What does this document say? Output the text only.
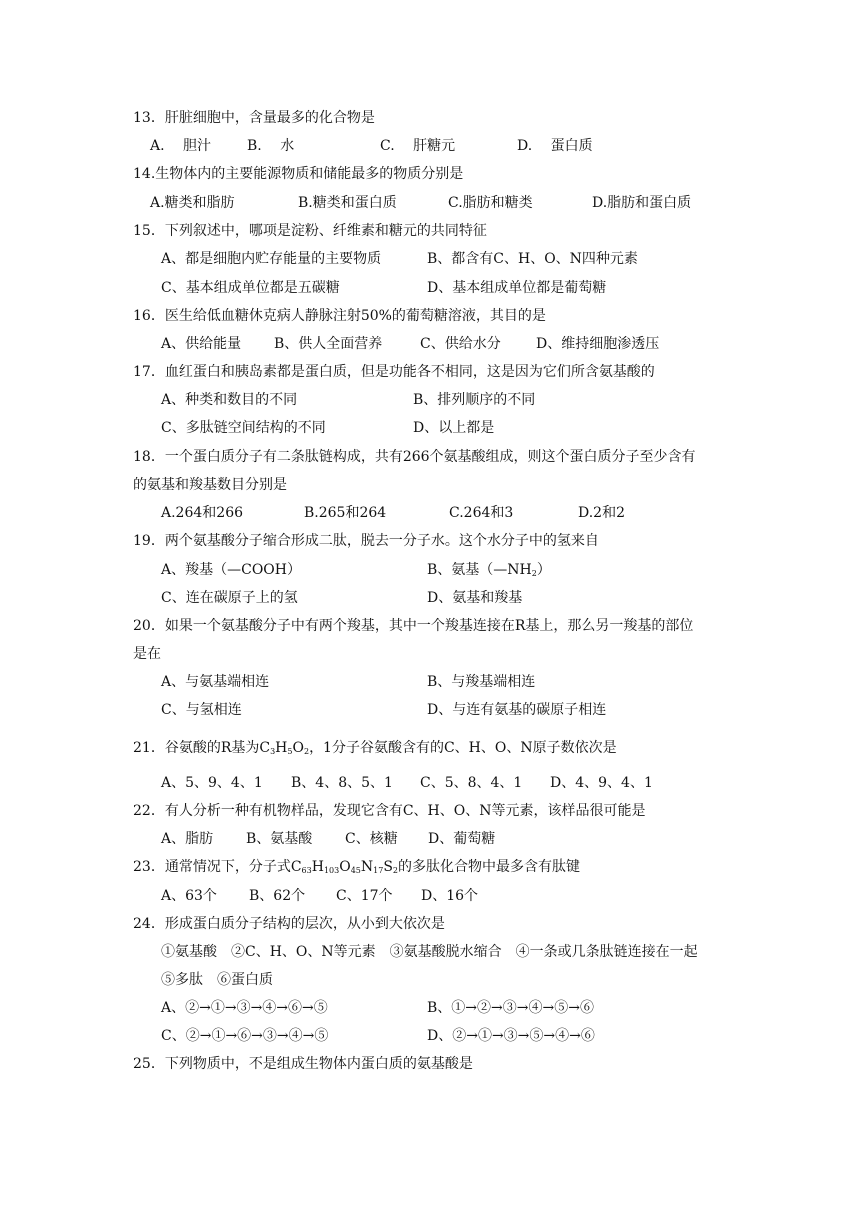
13．肝脏细胞中，含量最多的化合物是
A.　 胆汁	B.　 水	C.　 肝糖元	D.　 蛋白质
14.生物体内的主要能源物质和储能最多的物质分别是
A.糖类和脂肪	B.糖类和蛋白质	C.脂肪和糖类	D.脂肪和蛋白质
15．下列叙述中，哪项是淀粉、纤维素和糖元的共同特征
A、都是细胞内贮存能量的主要物质	B、都含有C、H、O、N四种元素
C、基本组成单位都是五碳糖	D、基本组成单位都是葡萄糖
16．医生给低血糖休克病人静脉注射50%的葡萄糖溶液，其目的是
A、供给能量 B、供人全面营养	C、供给水分	D、维持细胞渗透压
17．血红蛋白和胰岛素都是蛋白质，但是功能各不相同，这是因为它们所含氨基酸的
A、种类和数目的不同	B、排列顺序的不同
C、多肽链空间结构的不同	D、以上都是
18．一个蛋白质分子有二条肽链构成，共有266个氨基酸组成，则这个蛋白质分子至少含有
的氨基和羧基数目分别是
A.264和266	B.265和264	C.264和3	D.2和2
19．两个氨基酸分子缩合形成二肽，脱去一分子水。这个水分子中的氢来自
A、羧基（—COOH）	B、氨基$(—NH_2)$
C、连在碳原子上的氢	D、氨基和羧基
20．如果一个氨基酸分子中有两个羧基，其中一个羧基连接在R基上，那么另一羧基的部位
是在
A、与氨基端相连	B、与羧基端相连
C、与氢相连	D、与连有氨基的碳原子相连
21．谷氨酸的R基为$C_3H_5O_2$，1分子谷氨酸含有的C、H、O、N原子数依次是
A、5、9、4、1 B、4、8、5、1 C、5、8、4、1 D、4、9、4、1
22．有人分析一种有机物样品，发现它含有C、H、O、N等元素，该样品很可能是
A、脂肪 B、氨基酸 C、核糖 D、葡萄糖
23．通常情况下，分子式$C_{63}H_{103}O_{45}N_{17}S_2$的多肽化合物中最多含有肽键
A、63个 B、62个 C、17个 D、16个
24．形成蛋白质分子结构的层次，从小到大依次是
①氨基酸　②C、H、O、N等元素　③氨基酸脱水缩合　④一条或几条肽链连接在一起
⑤多肽　⑥蛋白质
A、②→①→③→④→⑥→⑤	B、①→②→③→④→⑤→⑥
C、②→①→⑥→③→④→⑤	D、②→①→③→⑤→④→⑥
25．下列物质中，不是组成生物体内蛋白质的氨基酸是
